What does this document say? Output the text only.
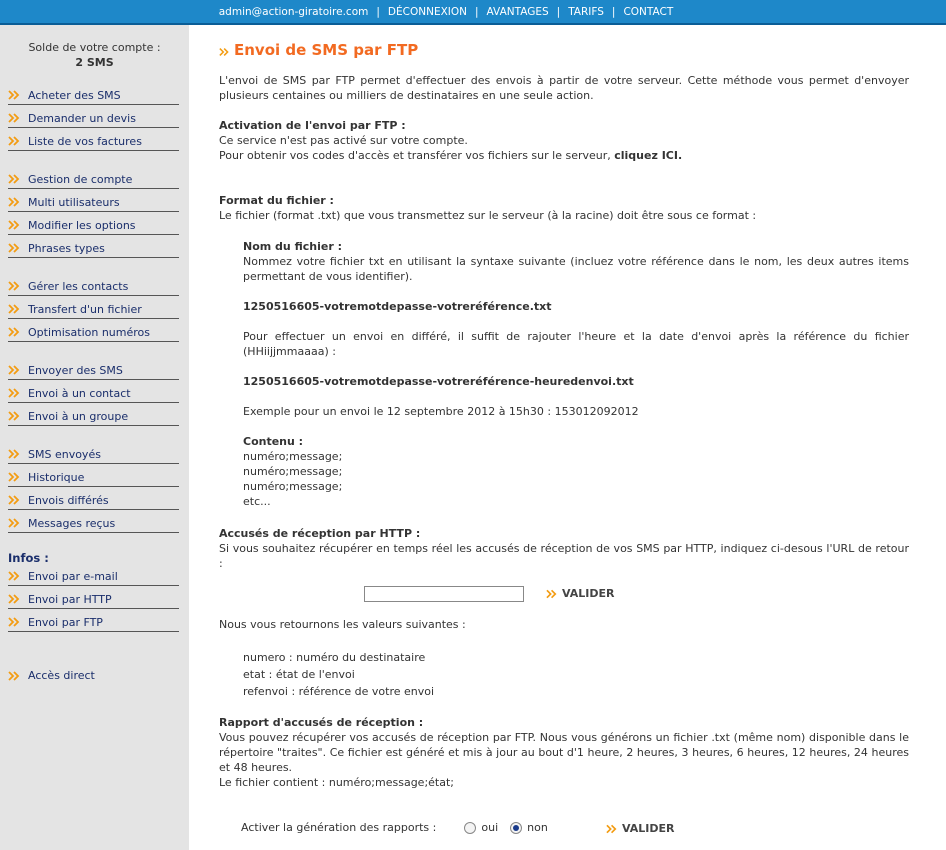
admin@action-giratoire.com | DÉCONNEXION | AVANTAGES | TARIFS | CONTACT
Solde de votre compte :
2 SMS
Acheter des SMS
Demander un devis
Liste de vos factures
Gestion de compte
Multi utilisateurs
Modifier les options
Phrases types
Gérer les contacts
Transfert d'un fichier
Optimisation numéros
Envoyer des SMS
Envoi à un contact
Envoi à un groupe
SMS envoyés
Historique
Envois différés
Messages reçus
Infos :
Envoi par e-mail
Envoi par HTTP
Envoi par FTP
Accès direct
Envoi de SMS par FTP
L'envoi de SMS par FTP permet d'effectuer des envois à partir de votre serveur. Cette méthode vous permet d'envoyer plusieurs centaines ou milliers de destinataires en une seule action.
Activation de l'envoi par FTP :
Ce service n'est pas activé sur votre compte.
Pour obtenir vos codes d'accès et transférer vos fichiers sur le serveur, cliquez ICI.
Format du fichier :
Le fichier (format .txt) que vous transmettez sur le serveur (à la racine) doit être sous ce format :
Nom du fichier :
Nommez votre fichier txt en utilisant la syntaxe suivante (incluez votre référence dans le nom, les deux autres items permettant de vous identifier).
1250516605-votremotdepasse-votreréférence.txt
Pour effectuer un envoi en différé, il suffit de rajouter l'heure et la date d'envoi après la référence du fichier (HHiijjmmaaaa) :
1250516605-votremotdepasse-votreréférence-heuredenvoi.txt
Exemple pour un envoi le 12 septembre 2012 à 15h30 : 153012092012
Contenu :
numéro;message;
numéro;message;
numéro;message;
etc...
Accusés de réception par HTTP :
Si vous souhaitez récupérer en temps réel les accusés de réception de vos SMS par HTTP, indiquez ci-desous l'URL de retour :
VALIDER
Nous vous retournons les valeurs suivantes :
numero : numéro du destinataire
etat : état de l'envoi
refenvoi : référence de votre envoi
Rapport d'accusés de réception :
Vous pouvez récupérer vos accusés de réception par FTP. Nous vous générons un fichier .txt (même nom) disponible dans le répertoire "traites". Ce fichier est généré et mis à jour au bout d'1 heure, 2 heures, 3 heures, 6 heures, 12 heures, 24 heures et 48 heures.
Le fichier contient : numéro;message;état;
Activer la génération des rapports :	oui	non	VALIDER
